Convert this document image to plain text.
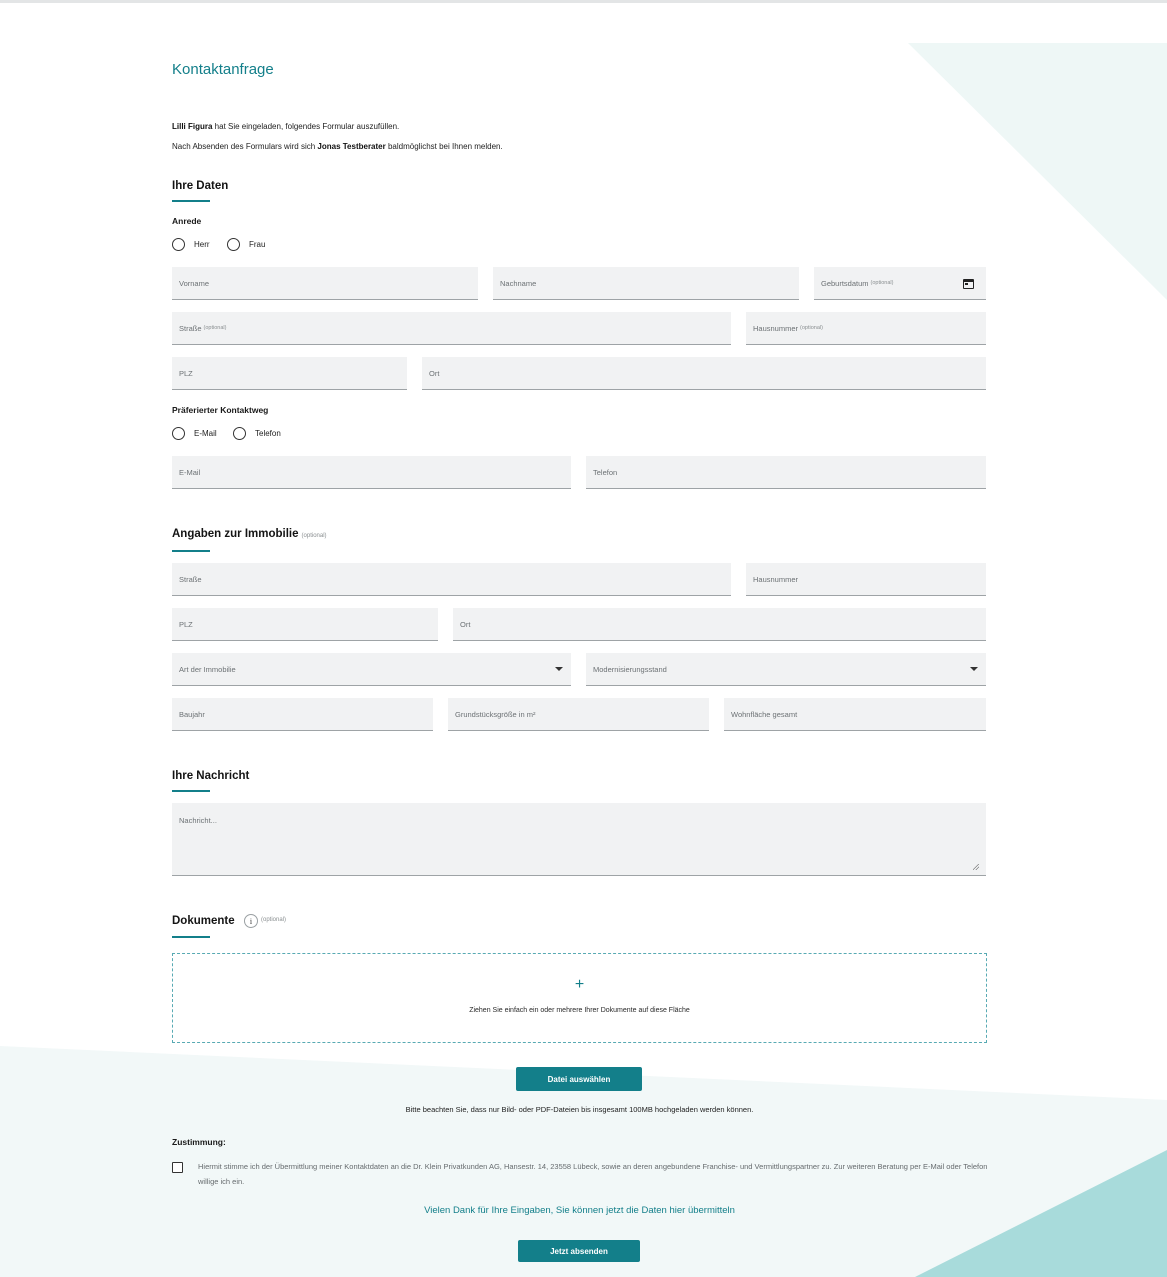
Kontaktanfrage
Lilli Figura hat Sie eingeladen, folgendes Formular auszufüllen.
Nach Absenden des Formulars wird sich Jonas Testberater baldmöglichst bei Ihnen melden.
Ihre Daten
Anrede
Herr	Frau
Vorname	Nachname	Geburtsdatum (optional)
Straße (optional)	Hausnummer (optional)
PLZ	Ort
Präferierter Kontaktweg
E-Mail	Telefon
E-Mail	Telefon
Angaben zur Immobilie (optional)
Straße	Hausnummer
PLZ	Ort
Art der Immobilie	Modernisierungsstand
Baujahr	Grundstücksgröße in m²	Wohnfläche gesamt
Ihre Nachricht
Nachricht...
Dokumente	i	(optional)
+
Ziehen Sie einfach ein oder mehrere Ihrer Dokumente auf diese Fläche
Datei auswählen
Bitte beachten Sie, dass nur Bild- oder PDF-Dateien bis insgesamt 100MB hochgeladen werden können.
Zustimmung:
Hiermit stimme ich der Übermittlung meiner Kontaktdaten an die Dr. Klein Privatkunden AG, Hansestr. 14, 23558 Lübeck, sowie an deren angebundene Franchise- und Vermittlungspartner zu. Zur weiteren Beratung per E-Mail oder Telefon willige ich ein.
Vielen Dank für Ihre Eingaben, Sie können jetzt die Daten hier übermitteln
Jetzt absenden
